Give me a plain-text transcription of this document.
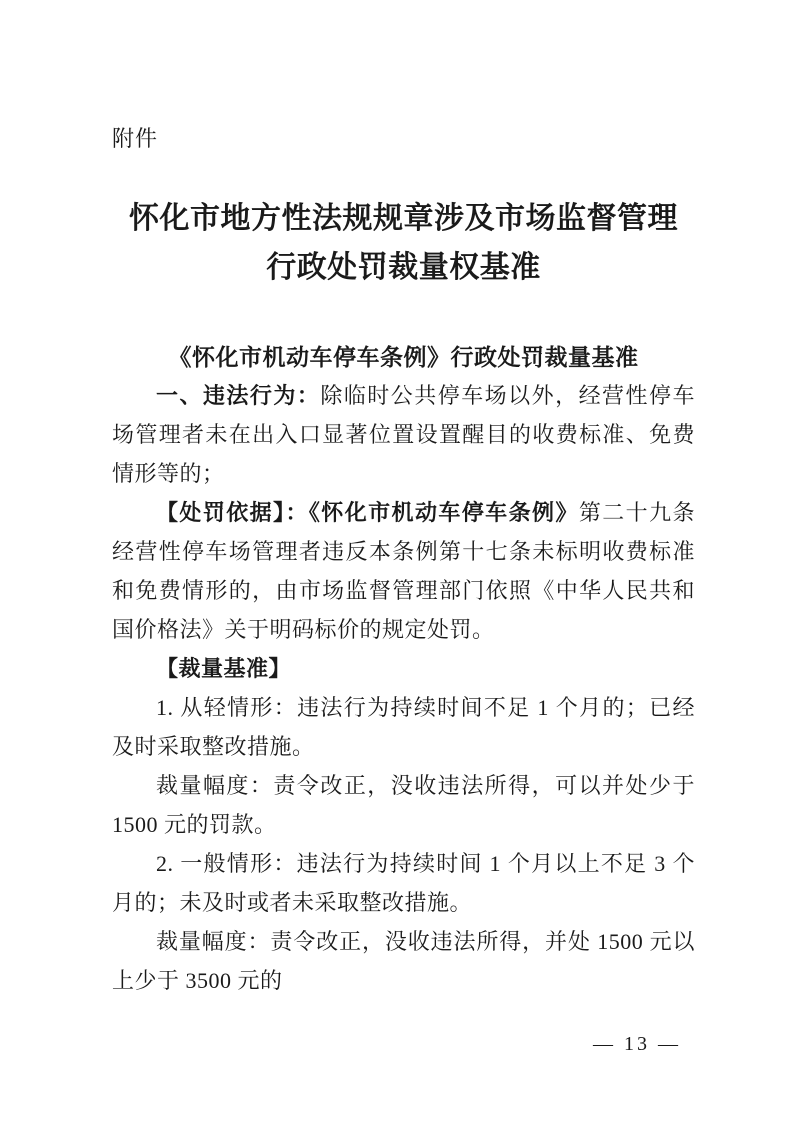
附件
怀化市地方性法规规章涉及市场监督管理
行政处罚裁量权基准
《怀化市机动车停车条例》行政处罚裁量基准

一、违法行为：除临时公共停车场以外，经营性停车场管理者未在出入口显著位置设置醒目的收费标准、免费情形等的；

【处罚依据】：《怀化市机动车停车条例》第二十九条 经营性停车场管理者违反本条例第十七条未标明收费标准和免费情形的，由市场监督管理部门依照《中华人民共和国价格法》关于明码标价的规定处罚。

【裁量基准】

1. 从轻情形：违法行为持续时间不足 1 个月的；已经及时采取整改措施。

裁量幅度：责令改正，没收违法所得，可以并处少于 1500 元的罚款。

2. 一般情形：违法行为持续时间 1 个月以上不足 3 个月的；未及时或者未采取整改措施。

裁量幅度：责令改正，没收违法所得，并处 1500 元以上少于 3500 元的

— 13 —
